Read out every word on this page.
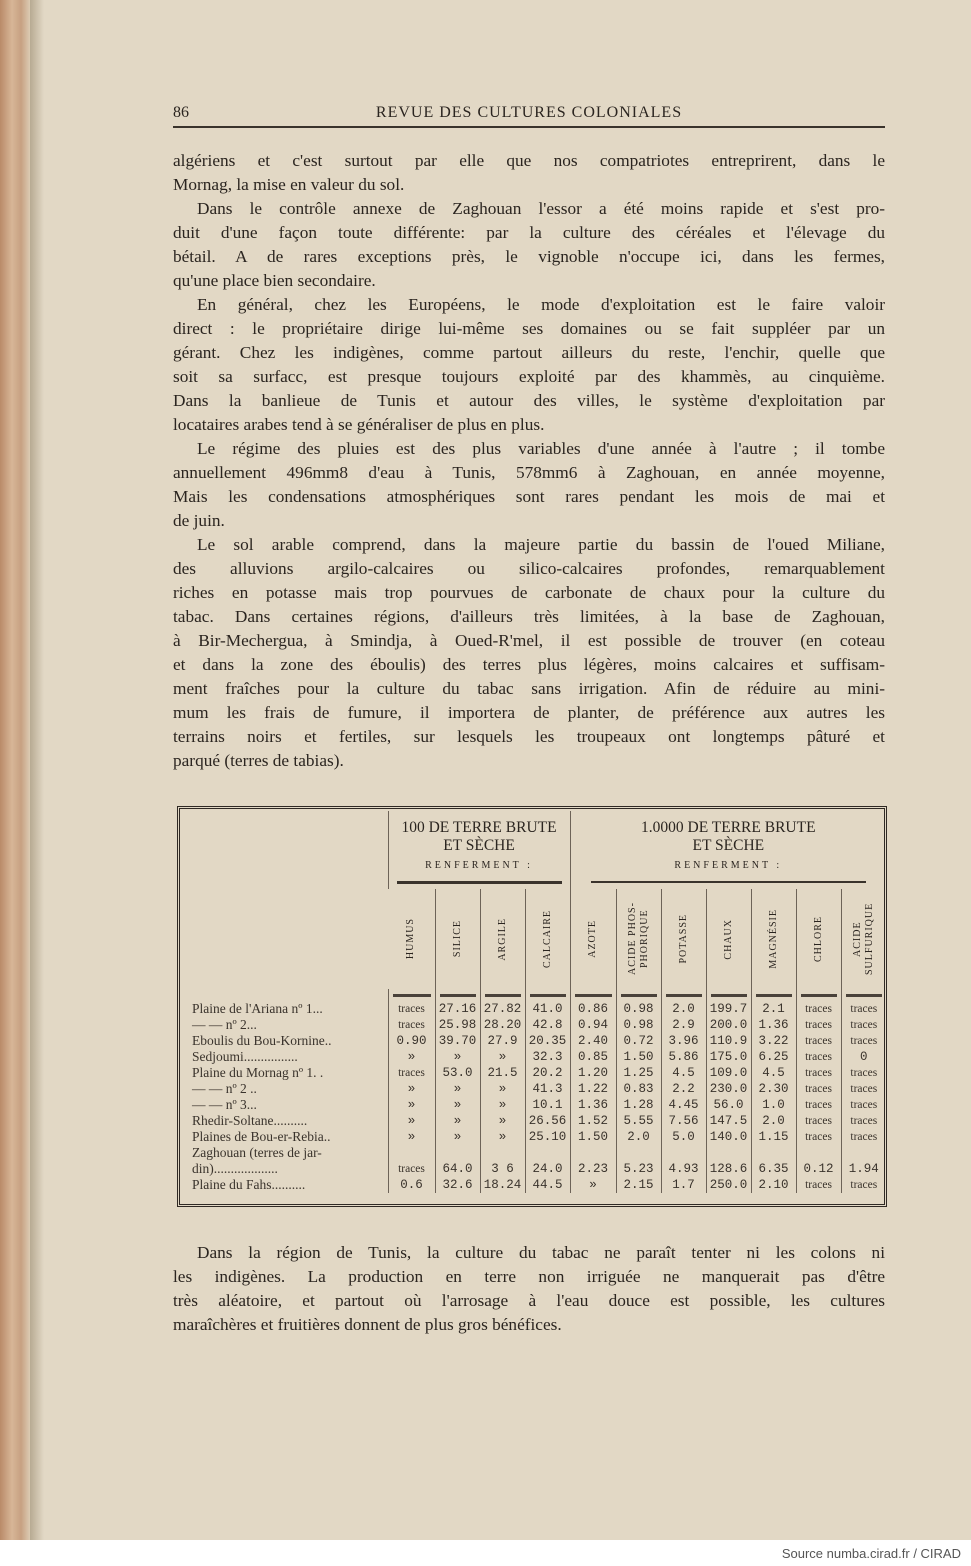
Source numba.cirad.fr / CIRAD
86	REVUE DES CULTURES COLONIALES
algériens et c'est surtout par elle que nos compatriotes entreprirent, dans le
Mornag, la mise en valeur du sol.
Dans le contrôle annexe de Zaghouan l'essor a été moins rapide et s'est pro-
duit d'une façon toute différente: par la culture des céréales et l'élevage du
bétail. A de rares exceptions près, le vignoble n'occupe ici, dans les fermes,
qu'une place bien secondaire.
En général, chez les Européens, le mode d'exploitation est le faire valoir
direct : le propriétaire dirige lui-même ses domaines ou se fait suppléer par un
gérant. Chez les indigènes, comme partout ailleurs du reste, l'enchir, quelle que
soit sa surfacc, est presque toujours exploité par des khammès, au cinquième.
Dans la banlieue de Tunis et autour des villes, le système d'exploitation par
locataires arabes tend à se généraliser de plus en plus.
Le régime des pluies est des plus variables d'une année à l'autre ; il tombe
annuellement 496mm8 d'eau à Tunis, 578mm6 à Zaghouan, en année moyenne,
Mais les condensations atmosphériques sont rares pendant les mois de mai et
de juin.
Le sol arable comprend, dans la majeure partie du bassin de l'oued Miliane,
des alluvions argilo-calcaires ou silico-calcaires profondes, remarquablement
riches en potasse mais trop pourvues de carbonate de chaux pour la culture du
tabac. Dans certaines régions, d'ailleurs très limitées, à la base de Zaghouan,
à Bir-Mechergua, à Smindja, à Oued-R'mel, il est possible de trouver (en coteau
et dans la zone des éboulis) des terres plus légères, moins calcaires et suffisam-
ment fraîches pour la culture du tabac sans irrigation. Afin de réduire au mini-
mum les frais de fumure, il importera de planter, de préférence aux autres les
terrains noirs et fertiles, sur lesquels les troupeaux ont longtemps pâturé et
parqué (terres de tabias).
	100 DE TERRE BRUTE
ET SÈCHE
RENFERMENT :				1.0000 DE TERRE BRUTE
ET SÈCHE
RENFERMENT :						

	HUMUS	SILICE	ARGILE	CALCAIRE	AZOTE	ACIDE PHOS-PHORIQUE	POTASSE	CHAUX	MAGNÉSIE	CHLORE	ACIDE SULFURIQUE

Plaine de l'Ariana nº 1...	traces	27.16	27.82	41.0	0.86	0.98	2.0	199.7	2.1	traces	traces
— — nº 2...	traces	25.98	28.20	42.8	0.94	0.98	2.9	200.0	1.36	traces	traces
Eboulis du Bou-Kornine..	0.90	39.70	27.9	20.35	2.40	0.72	3.96	110.9	3.22	traces	traces
Sedjoumi................	»	»	»	32.3	0.85	1.50	5.86	175.0	6.25	traces	0
Plaine du Mornag nº 1. .	traces	53.0	21.5	20.2	1.20	1.25	4.5	109.0	4.5	traces	traces
— — nº 2 ..	»	»	»	41.3	1.22	0.83	2.2	230.0	2.30	traces	traces
— — nº 3...	»	»	»	10.1	1.36	1.28	4.45	56.0	1.0	traces	traces
Rhedir-Soltane..........	»	»	»	26.56	1.52	5.55	7.56	147.5	2.0	traces	traces
Plaines de Bou-er-Rebia..	»	»	»	25.10	1.50	2.0	5.0	140.0	1.15	traces	traces
Zaghouan (terres de jar-											
din)...................	traces	64.0	3 6	24.0	2.23	5.23	4.93	128.6	6.35	0.12	1.94
Plaine du Fahs..........	0.6	32.6	18.24	44.5	»	2.15	1.7	250.0	2.10	traces	traces
Dans la région de Tunis, la culture du tabac ne paraît tenter ni les colons ni
les indigènes. La production en terre non irriguée ne manquerait pas d'être
très aléatoire, et partout où l'arrosage à l'eau douce est possible, les cultures
maraîchères et fruitières donnent de plus gros bénéfices.
